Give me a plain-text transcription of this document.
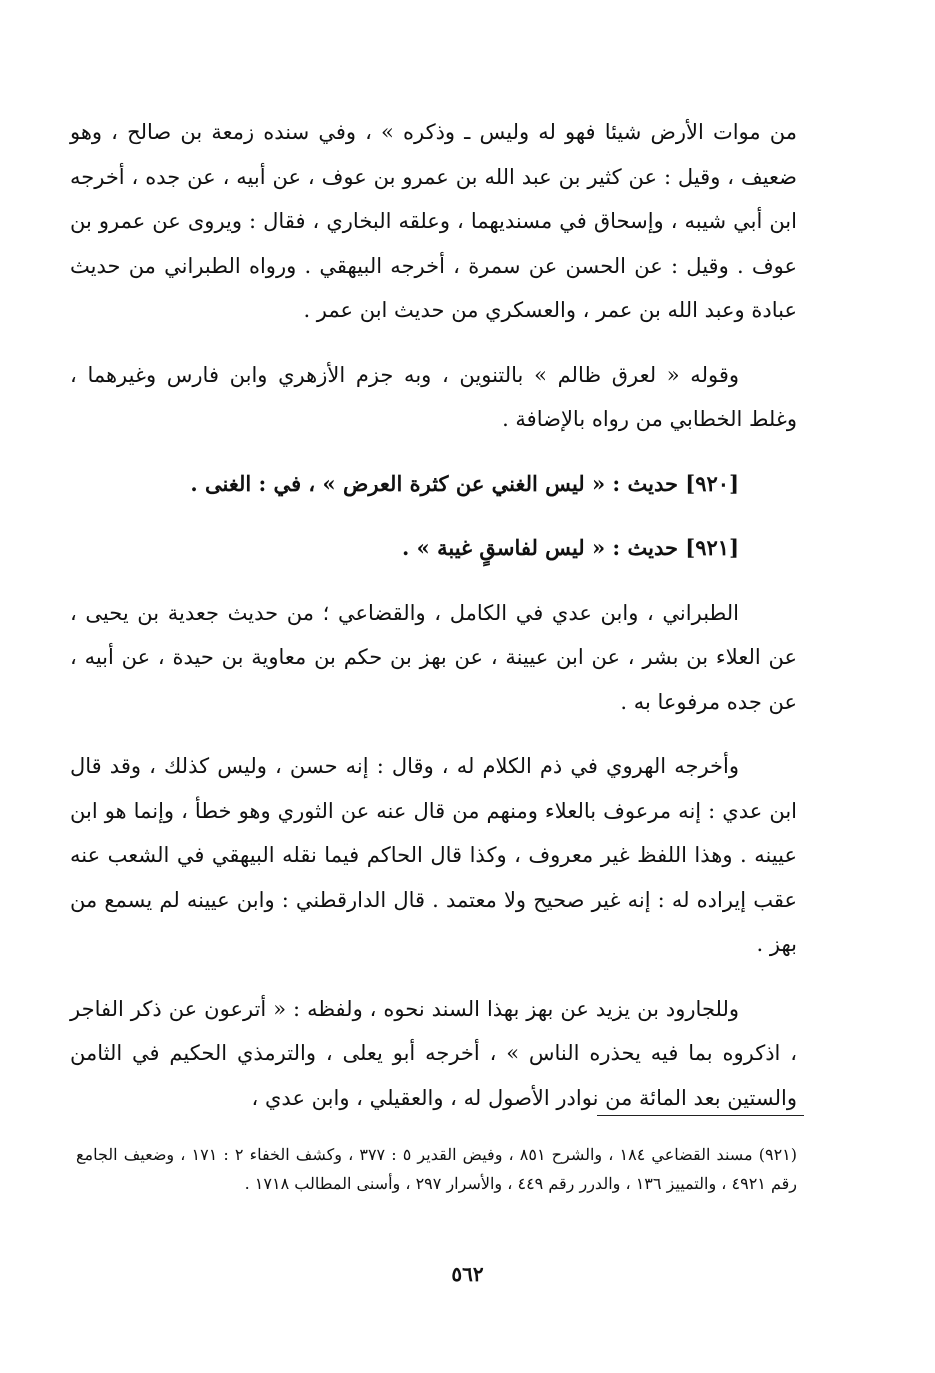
من موات الأرض شيئا فهو له وليس ـ وذكره » ، وفي سنده زمعة بن صالح ، وهو ضعيف ، وقيل : عن كثير بن عبد الله بن عمرو بن عوف ، عن أبيه ، عن جده ، أخرجه ابن أبي شيبه ، وإسحاق في مسنديهما ، وعلقه البخاري ، فقال : ويروى عن عمرو بن عوف . وقيل : عن الحسن عن سمرة ، أخرجه البيهقي . ورواه الطبراني من حديث عبادة وعبد الله بن عمر ، والعسكري من حديث ابن عمر .

وقوله « لعرق ظالم » بالتنوين ، وبه جزم الأزهري وابن فارس وغيرهما ، وغلط الخطابي من رواه بالإضافة .

[٩٢٠] حديث : « ليس الغني عن كثرة العرض » ، في : الغنى .

[٩٢١] حديث : « ليس لفاسقٍ غيبة » .

الطبراني ، وابن عدي في الكامل ، والقضاعي ؛ من حديث جعدية بن يحيى ، عن العلاء بن بشر ، عن ابن عيينة ، عن بهز بن حكم بن معاوية بن حيدة ، عن أبيه ، عن جده مرفوعا به .

وأخرجه الهروي في ذم الكلام له ، وقال : إنه حسن ، وليس كذلك ، وقد قال ابن عدي : إنه مرعوف بالعلاء ومنهم من قال عنه عن الثوري وهو خطأ ، وإنما هو ابن عيينه . وهذا اللفظ غير معروف ، وكذا قال الحاكم فيما نقله البيهقي في الشعب عنه عقب إيراده له : إنه غير صحيح ولا معتمد . قال الدارقطني : وابن عيينه لم يسمع من بهز .

وللجارود بن يزيد عن بهز بهذا السند نحوه ، ولفظه : « أترعون عن ذكر الفاجر ، اذكروه بما فيه يحذره الناس » ، أخرجه أبو يعلى ، والترمذي الحكيم في الثامن والستين بعد المائة من نوادر الأصول له ، والعقيلي ، وابن عدي ،

(٩٢١) مسند القضاعي ١٨٤ ، والشرح ٨٥١ ، وفيض القدير ٥ : ٣٧٧ ، وكشف الخفاء ٢ : ١٧١ ، وضعيف الجامع رقم ٤٩٢١ ، والتمييز ١٣٦ ، والدرر رقم ٤٤٩ ، والأسرار ٢٩٧ ، وأسنى المطالب ١٧١٨ .

٥٦٢
